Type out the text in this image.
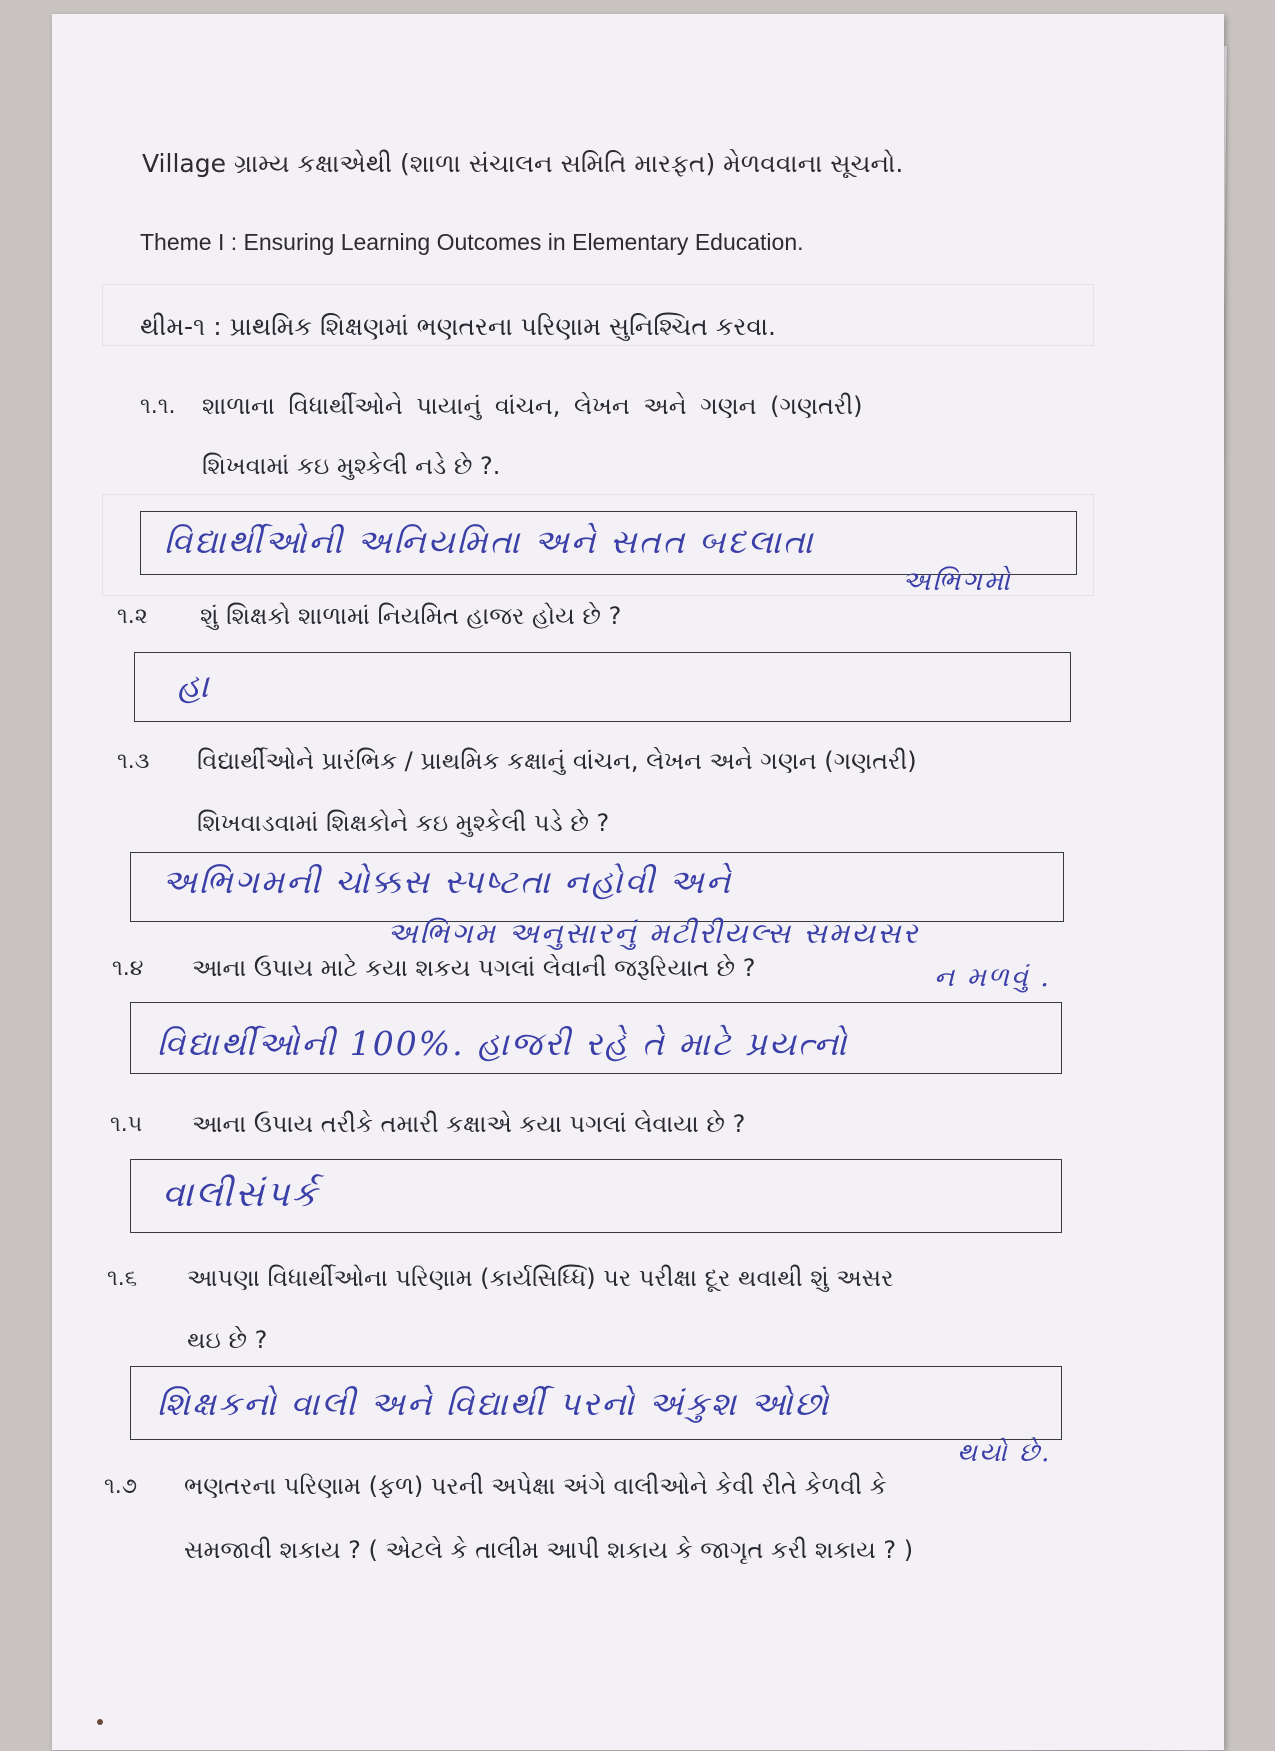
Village ગ્રામ્ય કક્ષાએથી (શાળા સંચાલન સમિતિ મારફત) મેળવવાના સૂચનો.
Theme I : Ensuring Learning Outcomes in Elementary Education.
થીમ-૧ : પ્રાથમિક શિક્ષણમાં ભણતરના પરિણામ સુનિશ્ચિત કરવા.
૧.૧. શાળાના વિધાર્થીઓને પાયાનું વાંચન, લેખન અને ગણન (ગણતરી)
શિખવામાં કઇ મુશ્કેલી નડે છે ?.
વિદ્યાર્થીઓની અનિયમિતા અને સતત બદલાતા
અભિગમો
૧.૨ શું શિક્ષકો શાળામાં નિયમિત હાજર હોય છે ?
હા
૧.૩ વિદ્યાર્થીઓને પ્રારંભિક / પ્રાથમિક કક્ષાનું વાંચન, લેખન અને ગણન (ગણતરી)
શિખવાડવામાં શિક્ષકોને કઇ મુશ્કેલી પડે છે ?
અભિગમની ચોક્કસ સ્પષ્ટતા નહોવી અને
અભિગમ અનુસારનું મટીરીયલ્સ સમયસર
ન મળવું .
૧.૪ આના ઉપાય માટે કયા શકય પગલાં લેવાની જરૂરિયાત છે ?
વિદ્યાર્થીઓની 100%. હાજરી રહે તે માટે પ્રયત્નો
૧.૫ આના ઉપાય તરીકે તમારી કક્ષાએ કયા પગલાં લેવાયા છે ?
વાલીસંપર્ક
૧.૬ આપણા વિધાર્થીઓના પરિણામ (કાર્યસિધ્ધિ) પર પરીક્ષા દૂર થવાથી શું અસર
થઇ છે ?
શિક્ષકનો વાલી અને વિદ્યાર્થી પરનો અંકુશ ઓછો
થયો છે.
૧.૭ ભણતરના પરિણામ (ફળ) પરની અપેક્ષા અંગે વાલીઓને કેવી રીતે કેળવી કે
સમજાવી શકાય ? ( એટલે કે તાલીમ આપી શકાય કે જાગૃત કરી શકાય ? )
